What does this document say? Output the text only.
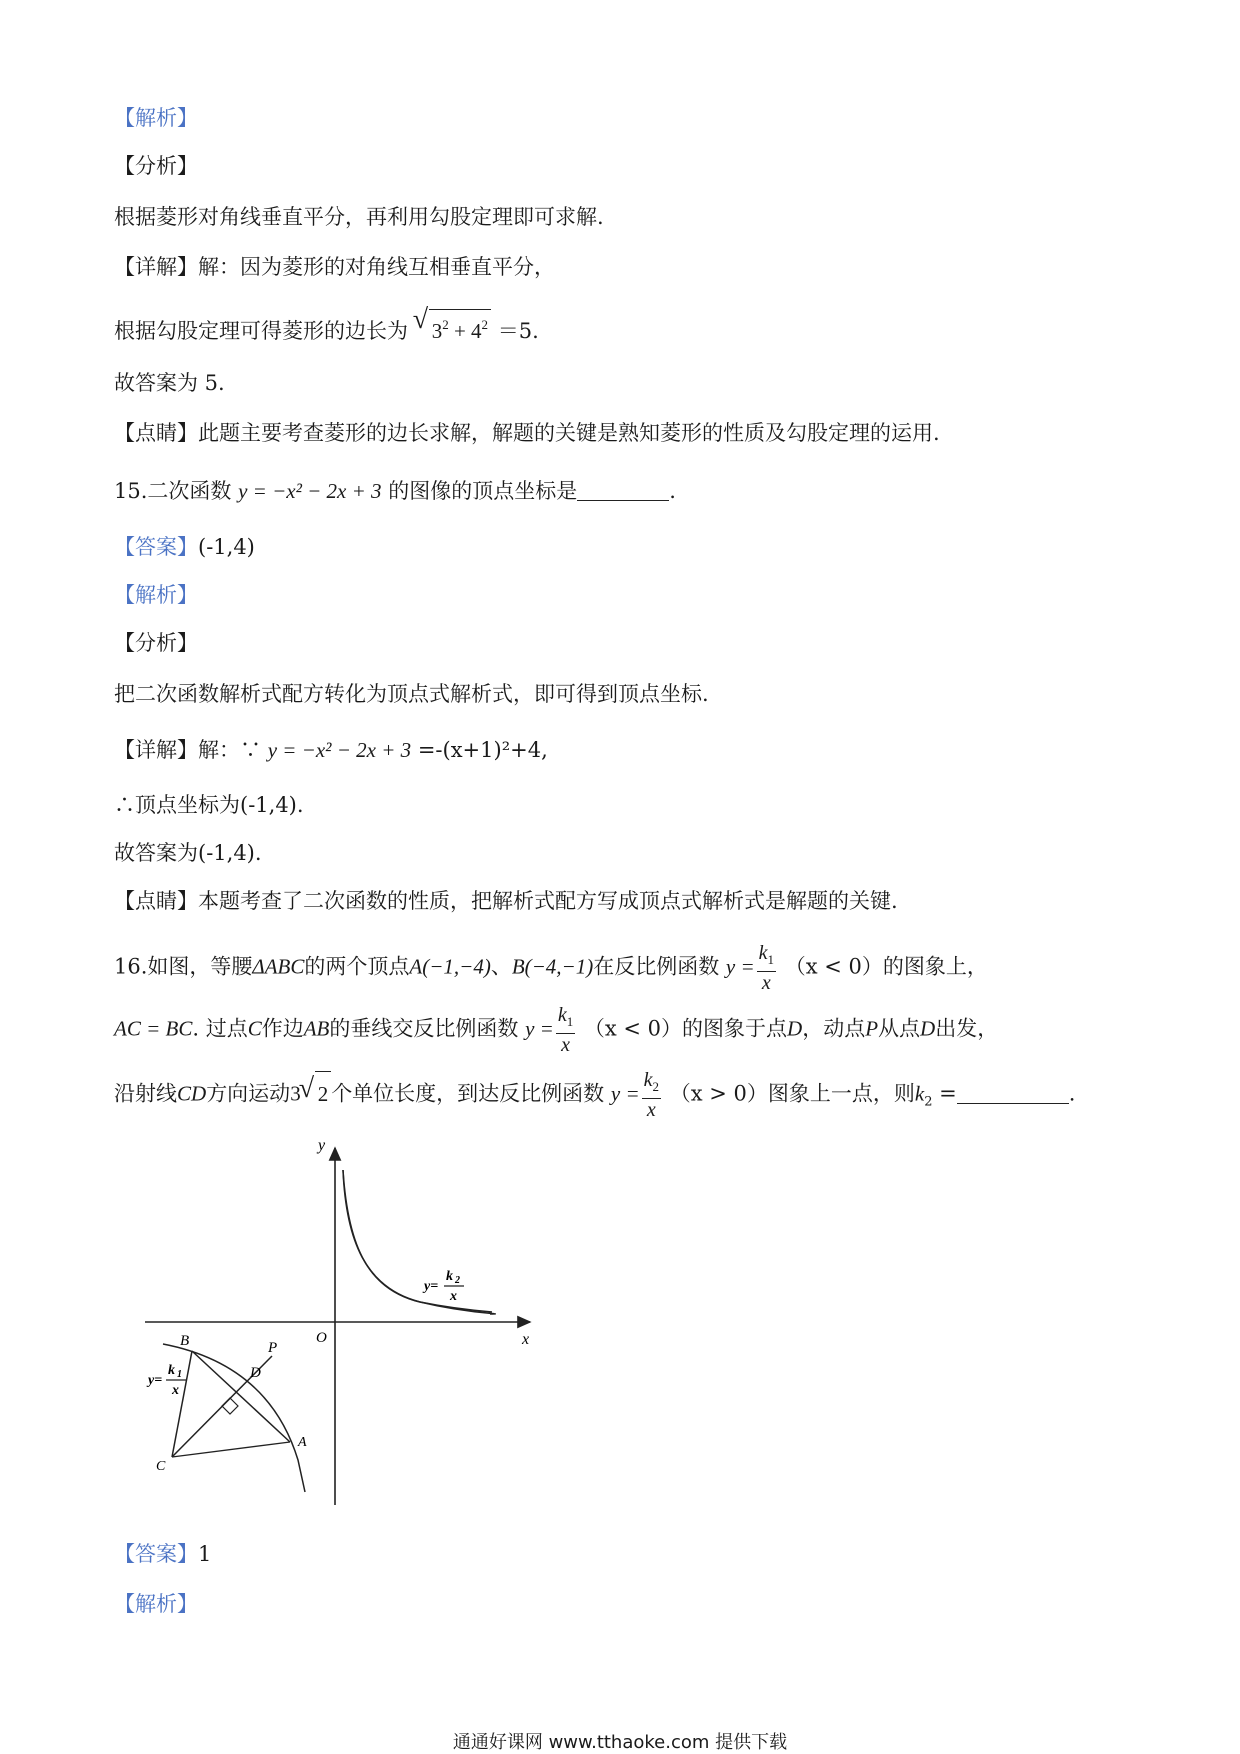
【解析】
【分析】
根据菱形对角线垂直平分，再利用勾股定理即可求解.
【详解】解：因为菱形的对角线互相垂直平分，
根据勾股定理可得菱形的边长为 √ $3^2 + 4^2 =5$.
故答案为 5.
【点睛】此题主要考查菱形的边长求解，解题的关键是熟知菱形的性质及勾股定理的运用.
15.二次函数 y = −x² − 2x + 3 的图像的顶点坐标是	.
【答案】(-1,4)
【解析】
【分析】
把二次函数解析式配方转化为顶点式解析式，即可得到顶点坐标.
【详解】解：∵ y = −x² − 2x + 3 =-(x+1)²+4,
∴顶点坐标为(-1,4).
故答案为(-1,4).
【点睛】本题考查了二次函数的性质，把解析式配方写成顶点式解析式是解题的关键.
16.如图，等腰ΔABC的两个顶点A(−1,−4)、B(−4,−1)在反比例函数 $y = \frac{k_1}{x} (x < 0)$的图象上，
AC = BC. 过点C作边AB的垂线交反比例函数 $y = \frac{k_1}{x} (x < 0)$的图象于点D，动点P从点D出发，
沿射线CD方向运动3 √ 2 个单位长度，到达反比例函数 $y = \frac{k_2}{x} (x > 0)$图象上一点，则$k_2$ =	.
y
x
O
y=
k 2
x
y=
k 1
x
B	P
D
A
C
【答案】1
【解析】
通通好课网 www.tthaoke.com 提供下载
